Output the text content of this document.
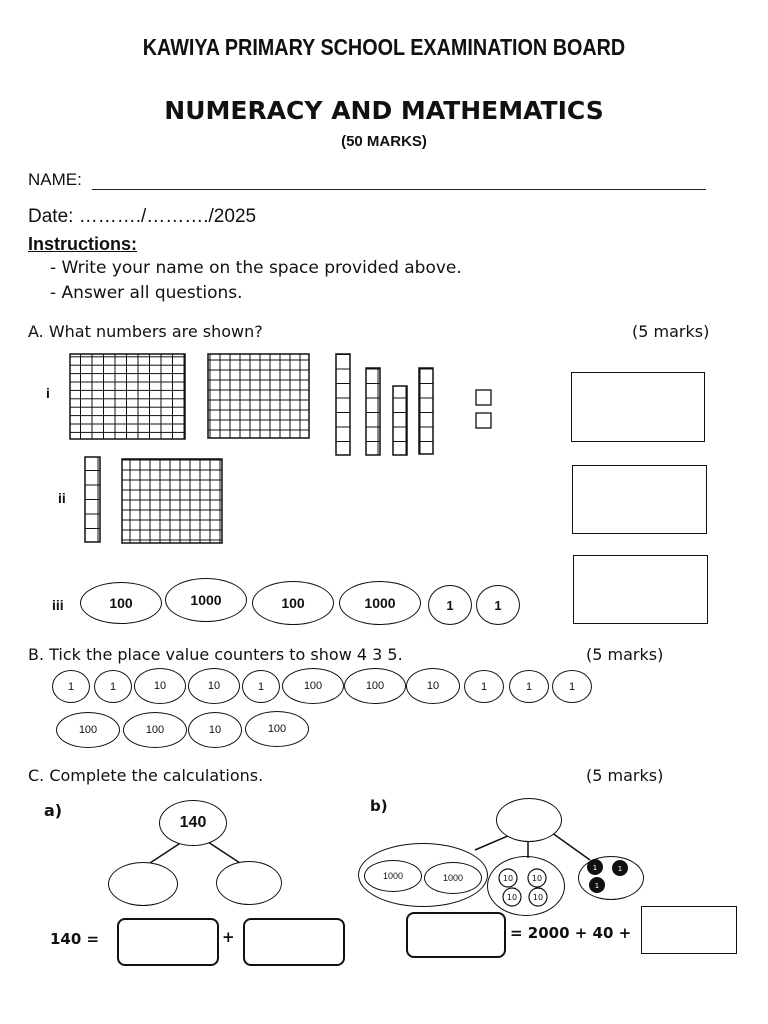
KAWIYA PRIMARY SCHOOL EXAMINATION BOARD
NUMERACY AND MATHEMATICS
(50 MARKS)
NAME:
Date: ………./………./2025
Instructions:
- Write your name on the space provided above.
- Answer all questions.
A. What numbers are shown?	(5 marks)
i
ii
iii	100	1000	100	1000	1	1
B. Tick the place value counters to show 4 3 5.	(5 marks)
1	1	10	10	1	100	100	10	1	1	1
100	100	10	100
C. Complete the calculations.	(5 marks)
a)
10 10
10 10
1	1
1
140
140 =	+
b)
1000	1000
= 2000 + 40 +
